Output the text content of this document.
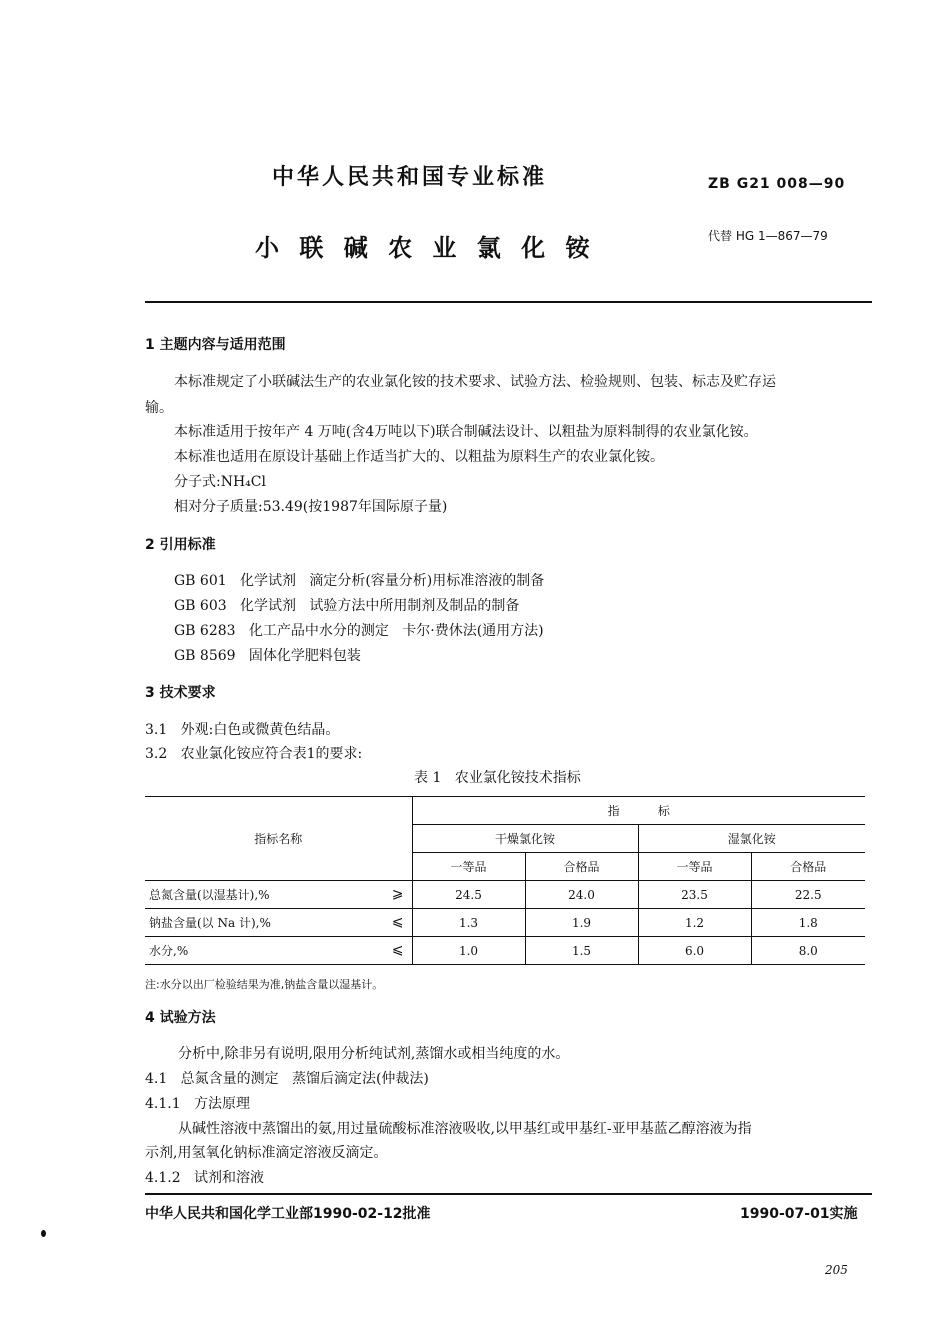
中华人民共和国专业标准	ZB G21 008—90
小 联 碱 农 业 氯 化 铵	代替 HG 1—867—79
1 主题内容与适用范围
本标准规定了小联碱法生产的农业氯化铵的技术要求、试验方法、检验规则、包装、标志及贮存运
输。
本标准适用于按年产 4 万吨(含4万吨以下)联合制碱法设计、以粗盐为原料制得的农业氯化铵。
本标准也适用在原设计基础上作适当扩大的、以粗盐为原料生产的农业氯化铵。
分子式:NH₄Cl
相对分子质量:53.49(按1987年国际原子量)
2 引用标准
GB 601   化学试剂   滴定分析(容量分析)用标准溶液的制备
GB 603   化学试剂   试验方法中所用制剂及制品的制备
GB 6283   化工产品中水分的测定   卡尔·费休法(通用方法)
GB 8569   固体化学肥料包装
3 技术要求
3.1   外观:白色或微黄色结晶。
3.2   农业氯化铵应符合表1的要求:
表 1   农业氯化铵技术指标
指标名称	指          标			
	干燥氯化铵		湿氯化铵	
	一等品	合格品	一等品	合格品
总氮含量(以湿基计),% ⩾	24.5	24.0	23.5	22.5
钠盐含量(以 Na 计),% ⩽	1.3	1.9	1.2	1.8
水分,% ⩽	1.0	1.5	6.0	8.0
注:水分以出厂检验结果为准,钠盐含量以湿基计。
4 试验方法
分析中,除非另有说明,限用分析纯试剂,蒸馏水或相当纯度的水。
4.1   总氮含量的测定   蒸馏后滴定法(仲裁法)
4.1.1   方法原理
从碱性溶液中蒸馏出的氨,用过量硫酸标准溶液吸收,以甲基红或甲基红-亚甲基蓝乙醇溶液为指
示剂,用氢氧化钠标准滴定溶液反滴定。
4.1.2   试剂和溶液
中华人民共和国化学工业部1990-02-12批准	1990-07-01实施
205
